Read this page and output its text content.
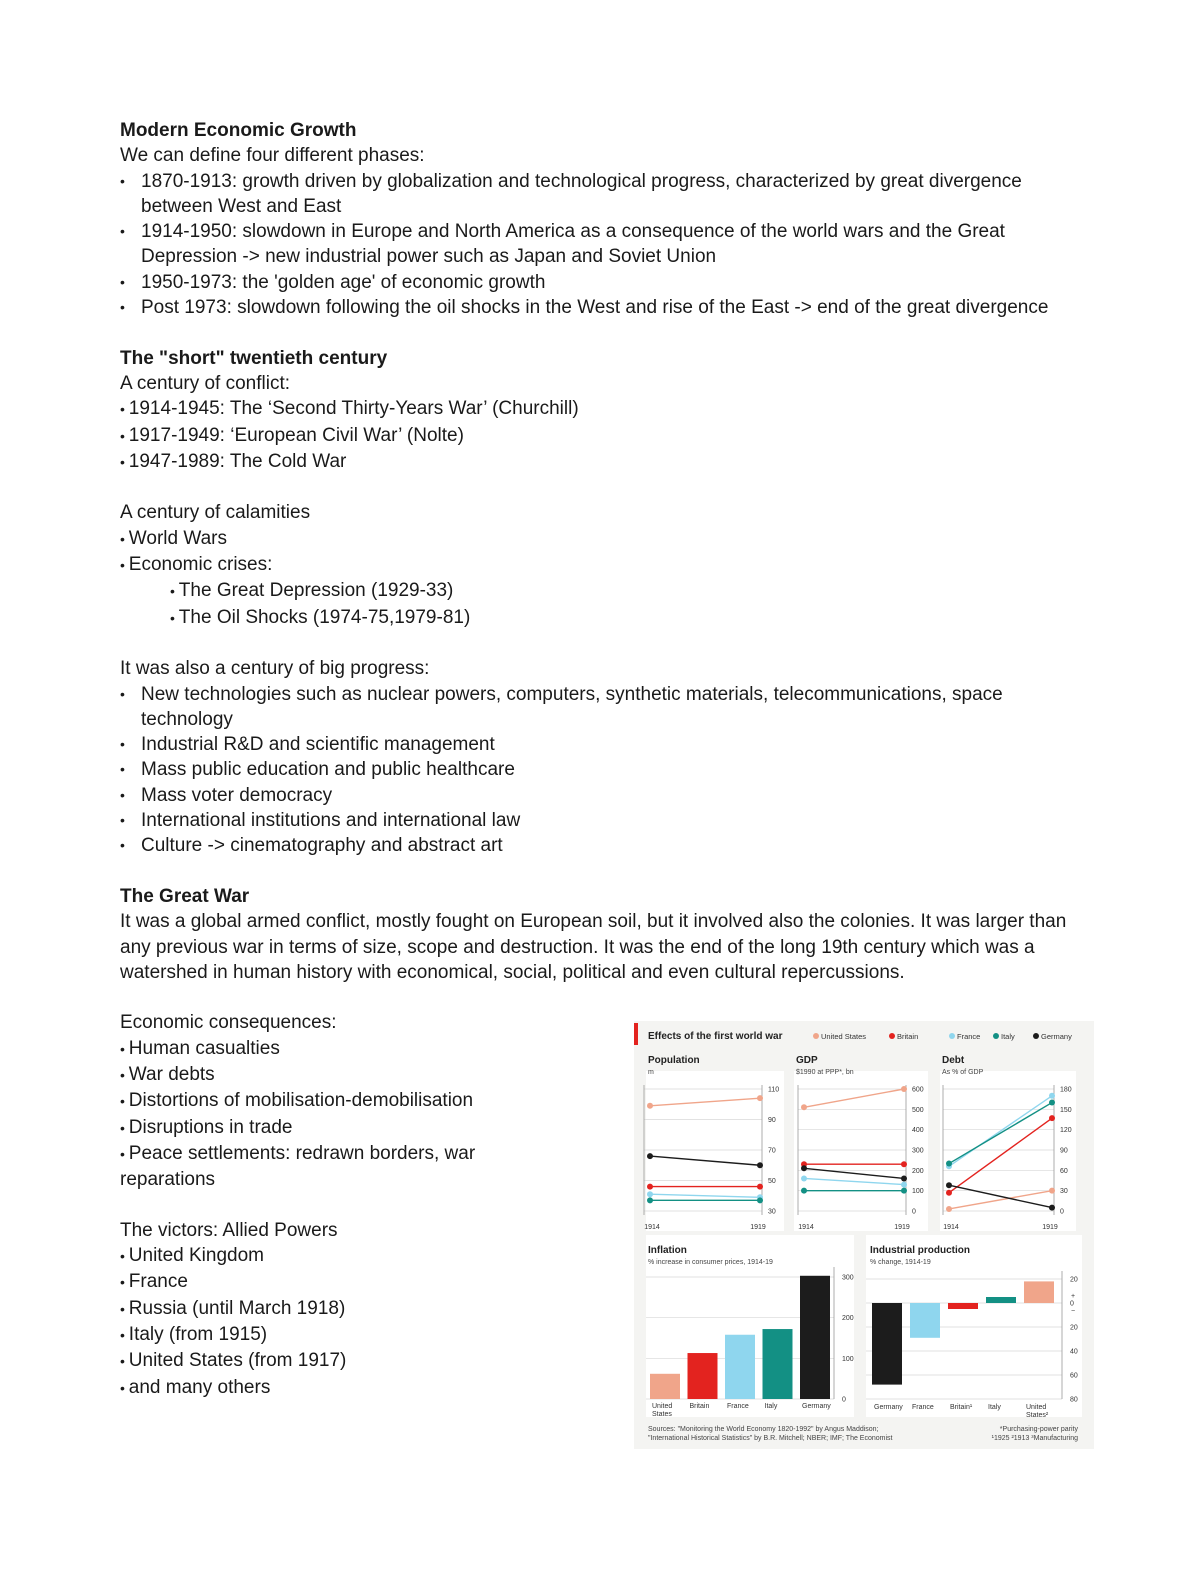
Modern Economic Growth

We can define four different phases:

• 1870-1913: growth driven by globalization and technological progress, characterized by great divergence between West and East
• 1914-1950: slowdown in Europe and North America as a consequence of the world wars and the Great Depression -> new industrial power such as Japan and Soviet Union
• 1950-1973: the 'golden age' of economic growth
• Post 1973: slowdown following the oil shocks in the West and rise of the East -> end of the great divergence
The "short" twentieth century

A century of conflict:

• 1914-1945: The ‘Second Thirty-Years War’ (Churchill)
• 1917-1949: ‘European Civil War’ (Nolte)
• 1947-1989: The Cold War

A century of calamities

• World Wars
• Economic crises:
• The Great Depression (1929-33)
• The Oil Shocks (1974-75,1979-81)

It was also a century of big progress:

• New technologies such as nuclear powers, computers, synthetic materials, telecommunications, space technology
• Industrial R&D and scientific management
• Mass public education and public healthcare
• Mass voter democracy
• International institutions and international law
• Culture -> cinematography and abstract art
The Great War

It was a global armed conflict, mostly fought on European soil, but it involved also the colonies. It was larger than any previous war in terms of size, scope and destruction. It was the end of the long 19th century which was a watershed in human history with economical, social, political and even cultural repercussions.

Economic consequences:

• Human casualties
• War debts
• Distortions of mobilisation-demobilisation
• Disruptions in trade
• Peace settlements: redrawn borders, war reparations

The victors: Allied Powers

• United Kingdom
• France
• Russia (until March 1918)
• Italy (from 1915)
• United States (from 1917)
• and many others
Effects of the first world war	United States	Britain	France	Italy	Germany
Population
m
30
50
70
90
110
1914	1919
GDP
$1990 at PPP*, bn
0
100
200
300
400
500
600
1914	1919
Debt
As % of GDP
0
30
60
90
120
150
180
1914	1919
Inflation
% increase in consumer prices, 1914-19
0
100
200
300
United
States
Britain	France Italy	Germany
Industrial production
% change, 1914-19
20
0
20
40
60
80
+
−
Germany France Britain¹ Italy	United
States²
Sources: "Monitoring the World Economy 1820-1992" by Angus Maddison;
"International Historical Statistics" by B.R. Mitchell; NBER; IMF; The Economist
*Purchasing-power parity
¹1925 ²1913 ³Manufacturing
